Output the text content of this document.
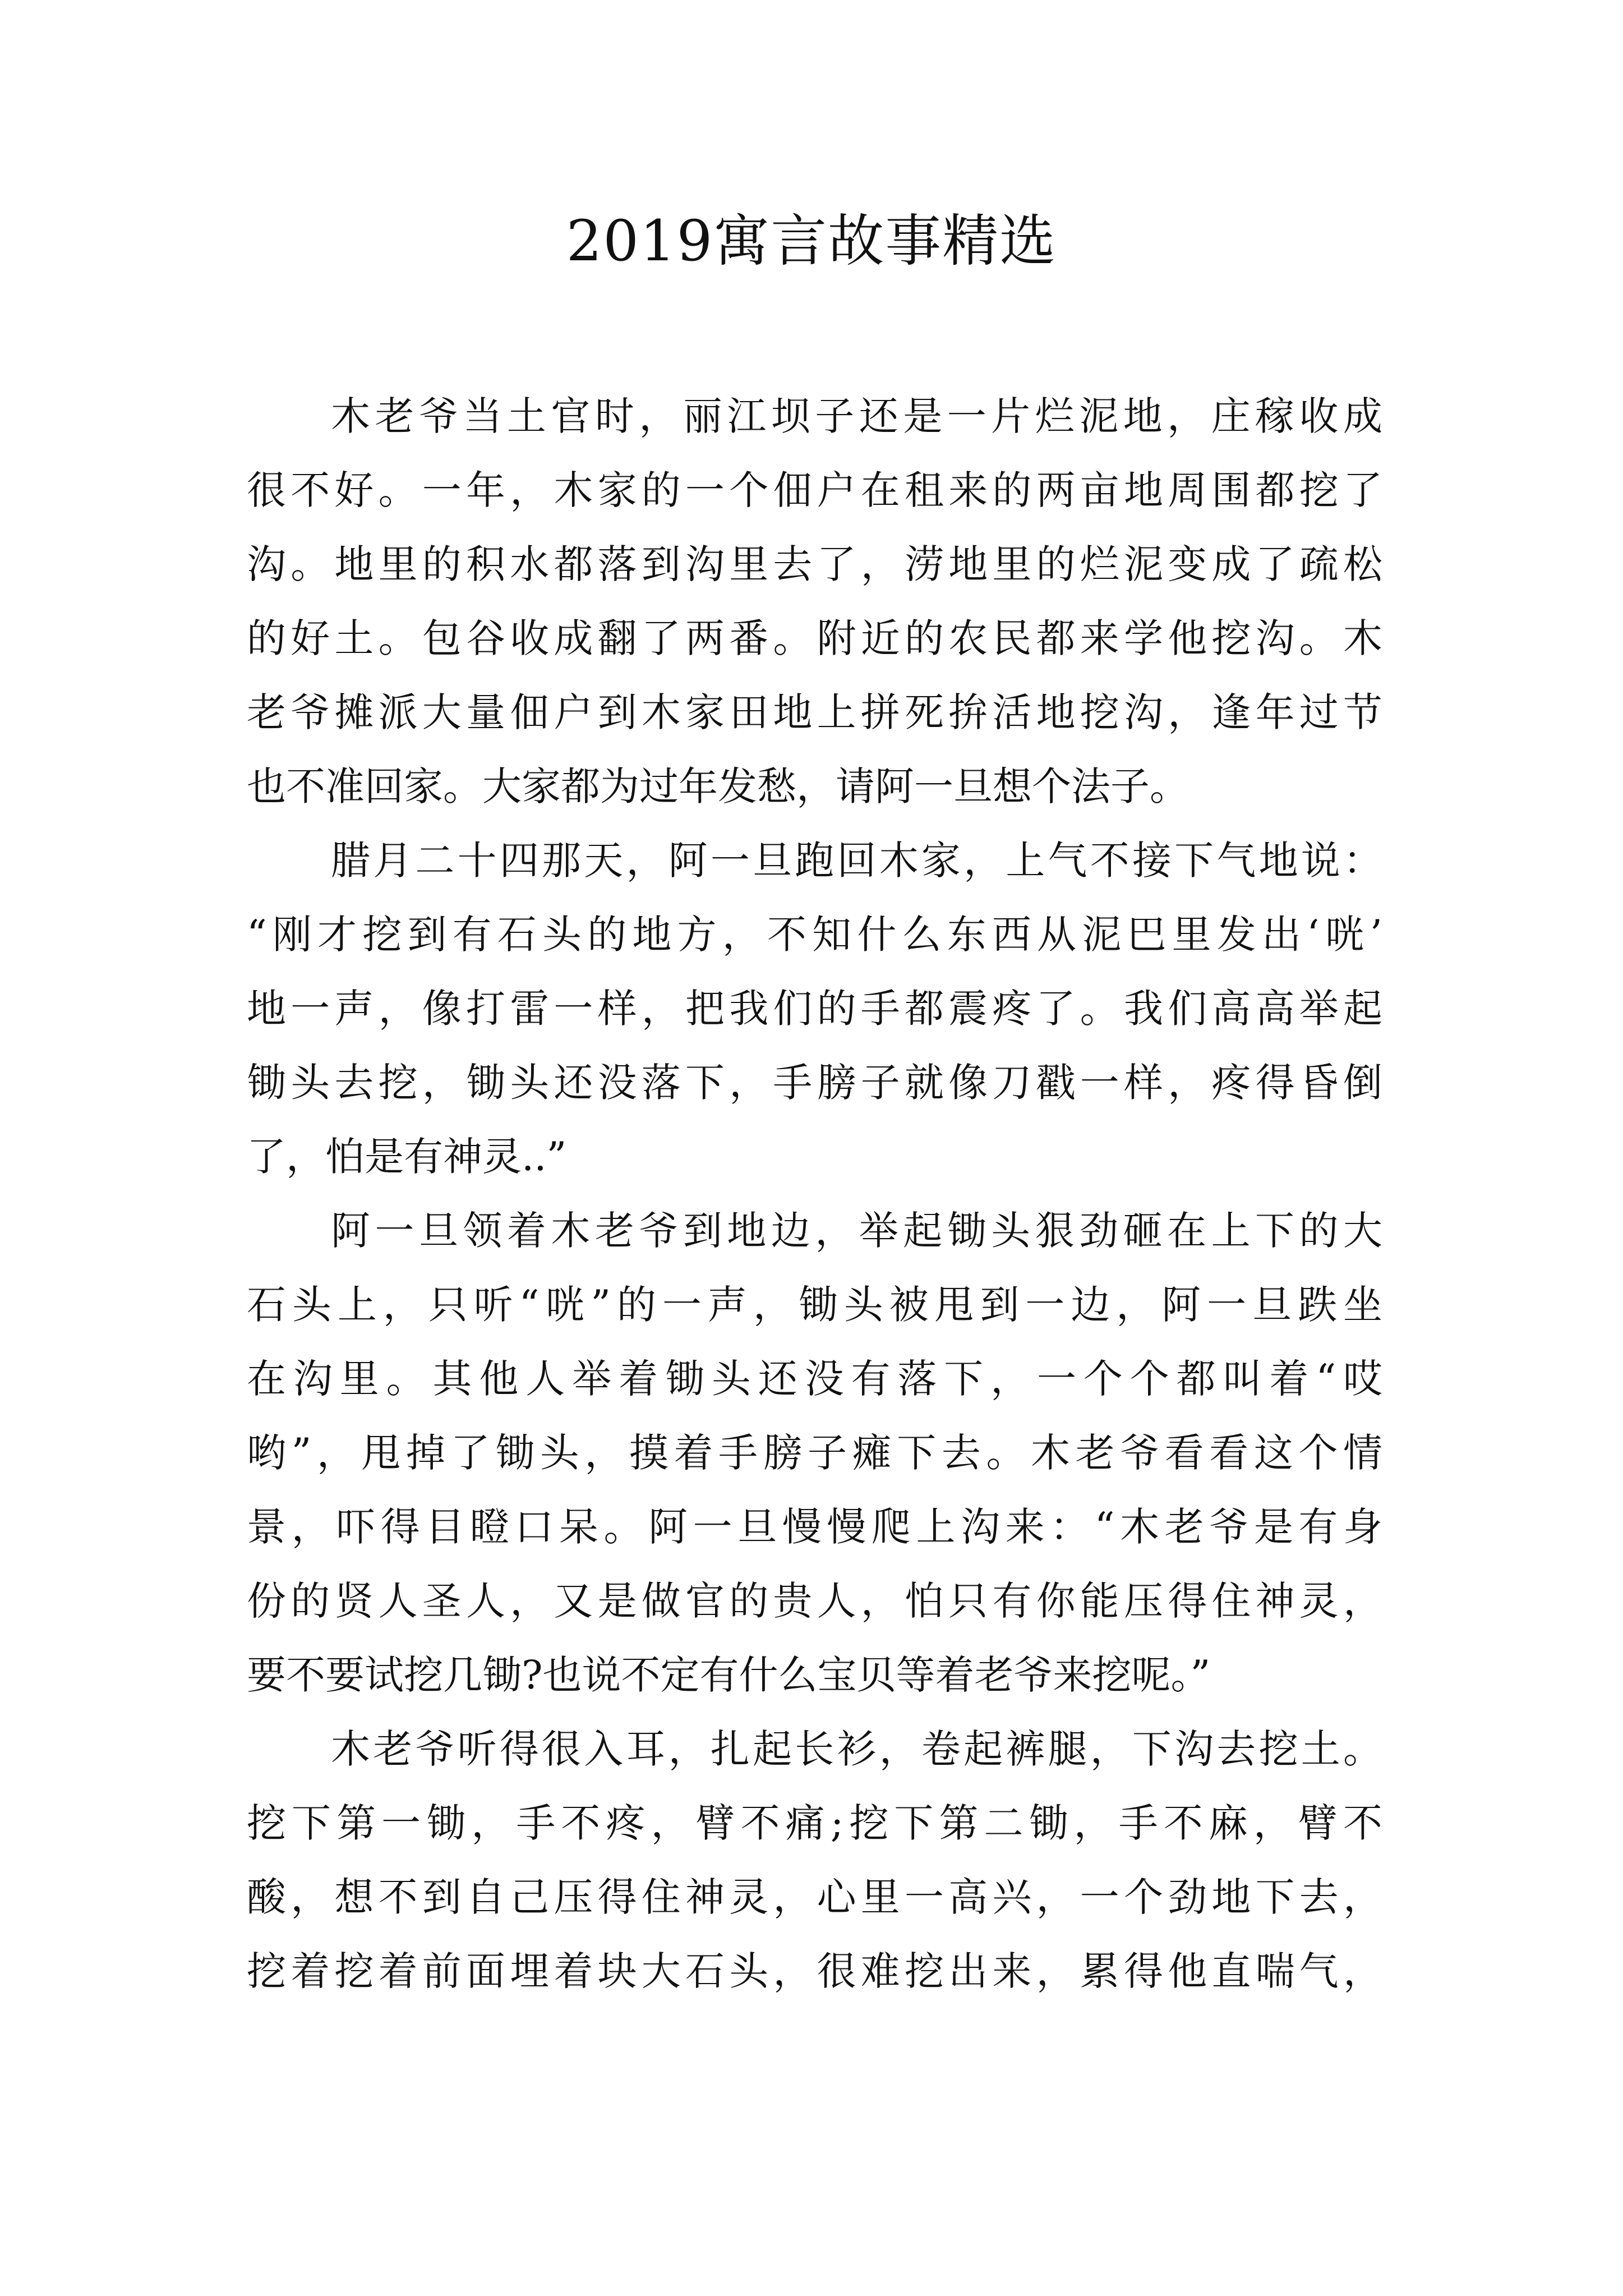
2019寓言故事精选
木老爷当土官时，丽江坝子还是一片烂泥地，庄稼收成
很不好。一年，木家的一个佃户在租来的两亩地周围都挖了
沟。地里的积水都落到沟里去了，涝地里的烂泥变成了疏松
的好土。包谷收成翻了两番。附近的农民都来学他挖沟。木
老爷摊派大量佃户到木家田地上拼死拚活地挖沟，逢年过节
也不准回家。大家都为过年发愁，请阿一旦想个法子。
腊月二十四那天，阿一旦跑回木家，上气不接下气地说：
“刚才挖到有石头的地方，不知什么东西从泥巴里发出‘咣’
地一声，像打雷一样，把我们的手都震疼了。我们高高举起
锄头去挖，锄头还没落下，手膀子就像刀戳一样，疼得昏倒
了，怕是有神灵..”
阿一旦领着木老爷到地边，举起锄头狠劲砸在上下的大
石头上，只听“咣”的一声，锄头被甩到一边，阿一旦跌坐
在沟里。其他人举着锄头还没有落下，一个个都叫着“哎
哟”，甩掉了锄头，摸着手膀子瘫下去。木老爷看看这个情
景，吓得目瞪口呆。阿一旦慢慢爬上沟来：“木老爷是有身
份的贤人圣人，又是做官的贵人，怕只有你能压得住神灵，
要不要试挖几锄?也说不定有什么宝贝等着老爷来挖呢。”
木老爷听得很入耳，扎起长衫，卷起裤腿，下沟去挖土。
挖下第一锄，手不疼，臂不痛;挖下第二锄，手不麻，臂不
酸，想不到自己压得住神灵，心里一高兴，一个劲地下去，
挖着挖着前面埋着块大石头，很难挖出来，累得他直喘气，
